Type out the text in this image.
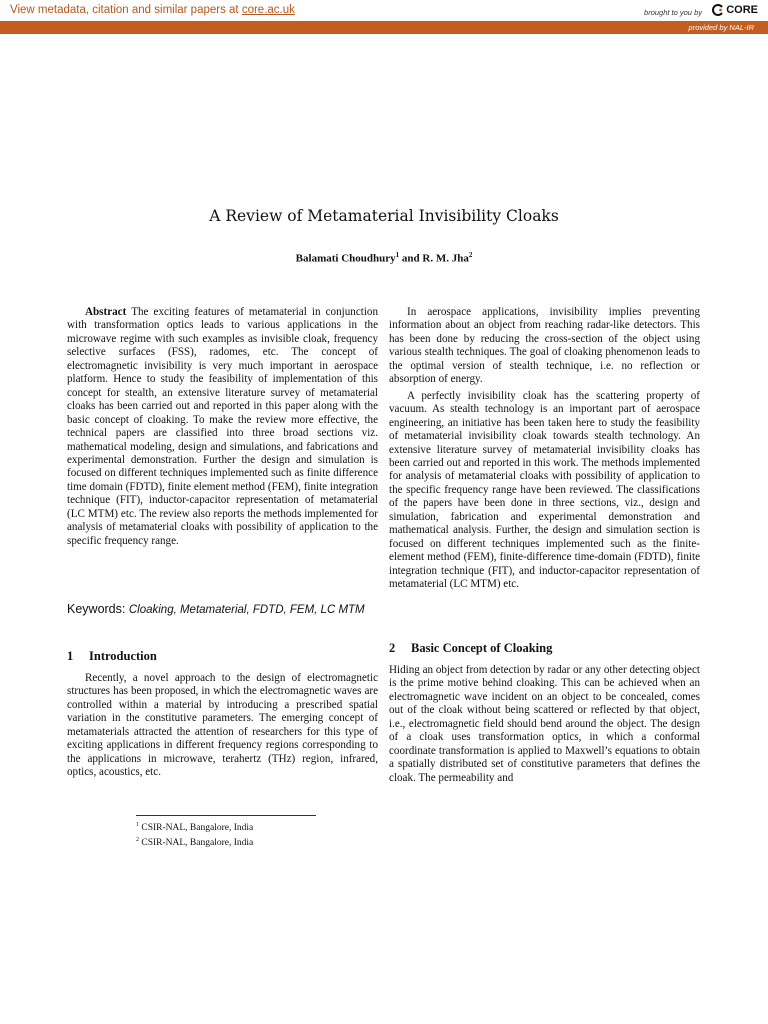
View metadata, citation and similar papers at core.ac.uk	brought to you by CORE
provided by NAL-IR
A Review of Metamaterial Invisibility Cloaks
Balamati Choudhury$^1$ and R. M. Jha$^2$

Abstract The exciting features of metamaterial in conjunction with transformation optics leads to various applications in the microwave regime with such examples as invisible cloak, frequency selective surfaces (FSS), radomes, etc. The concept of electromagnetic invisibility is very much important in aerospace platform. Hence to study the feasibility of implementation of this concept for stealth, an extensive literature survey of metamaterial cloaks has been carried out and reported in this paper along with the basic concept of cloaking. To make the review more effective, the technical papers are classified into three broad sections viz. mathematical modeling, design and simulations, and fabrications and experimental demonstration. Further the design and simulation is focused on different techniques implemented such as finite difference time domain (FDTD), finite element method (FEM), finite integration technique (FIT), inductor-capacitor representation of metamaterial (LC MTM) etc. The review also reports the methods implemented for analysis of metamaterial cloaks with possibility of application to the specific frequency range.

Keywords: Cloaking, Metamaterial, FDTD, FEM, LC MTM

1 Introduction

Recently, a novel approach to the design of electromagnetic structures has been proposed, in which the electromagnetic waves are controlled within a material by introducing a prescribed spatial variation in the constitutive parameters. The emerging concept of metamaterials attracted the attention of researchers for this type of exciting applications in different frequency regions corresponding to the applications in microwave, terahertz (THz) region, infrared, optics, acoustics, etc.

$^1$ CSIR-NAL, Bangalore, India
$^2$ CSIR-NAL, Bangalore, India

In aerospace applications, invisibility implies preventing information about an object from reaching radar-like detectors. This has been done by reducing the cross-section of the object using various stealth techniques. The goal of cloaking phenomenon leads to the optimal version of stealth technique, i.e. no reflection or absorption of energy.

A perfectly invisibility cloak has the scattering property of vacuum. As stealth technology is an important part of aerospace engineering, an initiative has been taken here to study the feasibility of metamaterial invisibility cloak towards stealth technology. An extensive literature survey of metamaterial invisibility cloaks has been carried out and reported in this work. The methods implemented for analysis of metamaterial cloaks with possibility of application to the specific frequency range have been reviewed. The classifications of the papers have been done in three sections, viz., design and simulation, fabrication and experimental demonstration and mathematical analysis. Further, the design and simulation section is focused on different techniques implemented such as the finite-element method (FEM), finite-difference time-domain (FDTD), finite integration technique (FIT), and inductor-capacitor representation of metamaterial (LC MTM) etc.

2 Basic Concept of Cloaking

Hiding an object from detection by radar or any other detecting object is the prime motive behind cloaking. This can be achieved when an electromagnetic wave incident on an object to be concealed, comes out of the cloak without being scattered or reflected by that object, i.e., electromagnetic field should bend around the object. The design of a cloak uses transformation optics, in which a conformal coordinate transformation is applied to Maxwell’s equations to obtain a spatially distributed set of constitutive parameters that defines the cloak. The permeability and
